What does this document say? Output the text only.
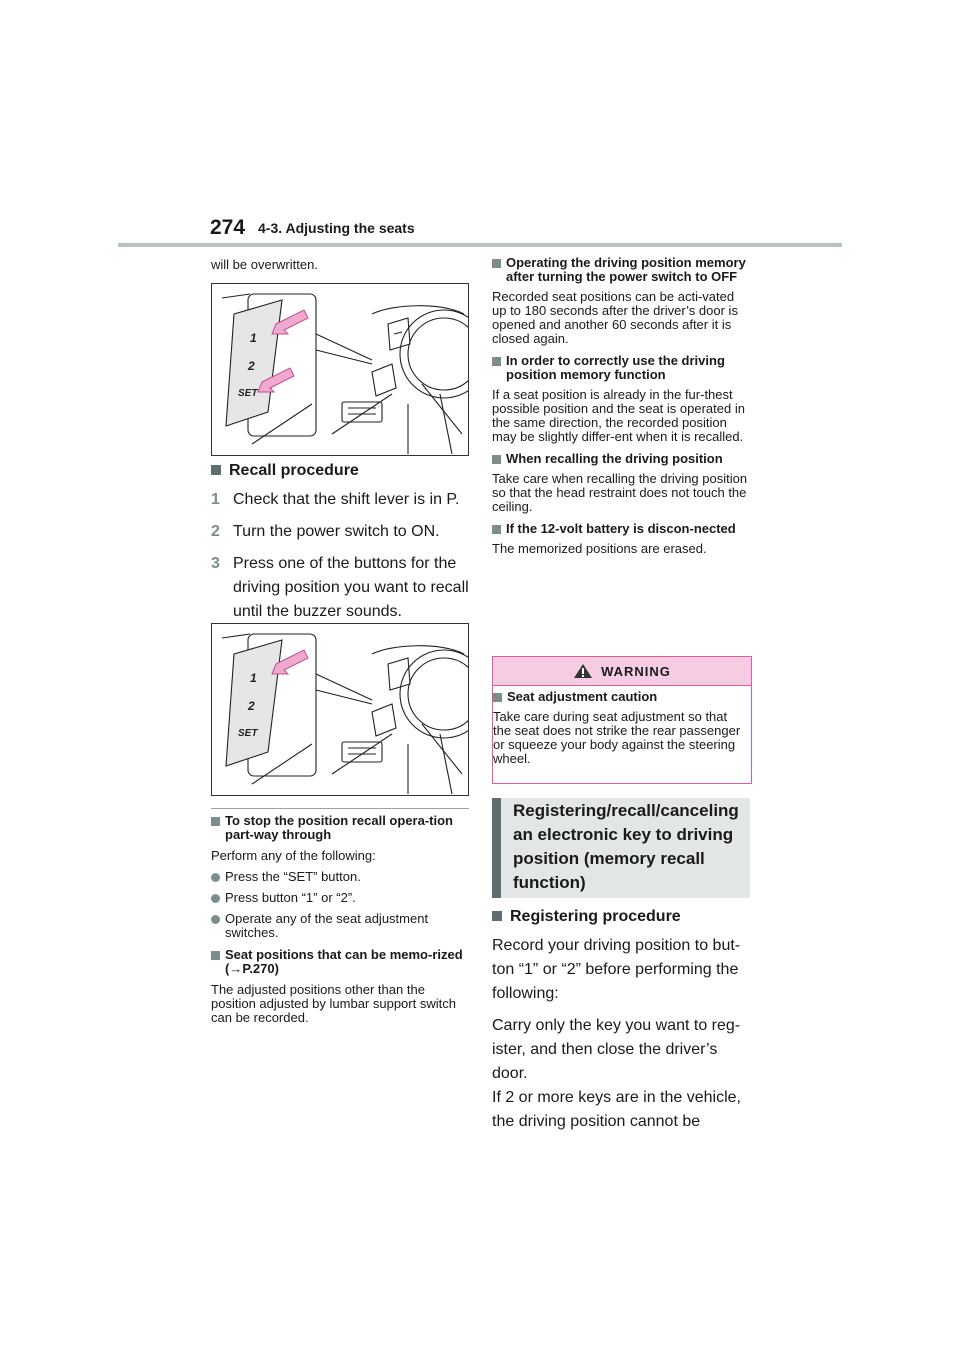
274 4-3. Adjusting the seats

will be overwritten.

1
2
SET

Recall procedure

1 Check that the shift lever is in P.

2 Turn the power switch to ON.

3 Press one of the buttons for the driving position you want to recall until the buzzer sounds.

1
2
SET

To stop the position recall opera-tion part-way through

Perform any of the following:

Press the “SET” button.

Press button “1” or “2”.

Operate any of the seat adjustment switches.

Seat positions that can be memo-rized (→P.270)

The adjusted positions other than the position adjusted by lumbar support switch can be recorded.

Operating the driving position memory after turning the power switch to OFF

Recorded seat positions can be acti-vated up to 180 seconds after the driver’s door is opened and another 60 seconds after it is closed again.

In order to correctly use the driving position memory function

If a seat position is already in the fur-thest possible position and the seat is operated in the same direction, the recorded position may be slightly differ-ent when it is recalled.

When recalling the driving position

Take care when recalling the driving position so that the head restraint does not touch the ceiling.

If the 12-volt battery is discon-nected

The memorized positions are erased.

WARNING

Seat adjustment caution

Take care during seat adjustment so that the seat does not strike the rear passenger or squeeze your body against the steering wheel.

Registering/recall/canceling
an electronic key to driving
position (memory recall
function)

Registering procedure

Record your driving position to but-ton “1” or “2” before performing the following:

Carry only the key you want to reg-ister, and then close the driver’s door.

If 2 or more keys are in the vehicle, the driving position cannot be
